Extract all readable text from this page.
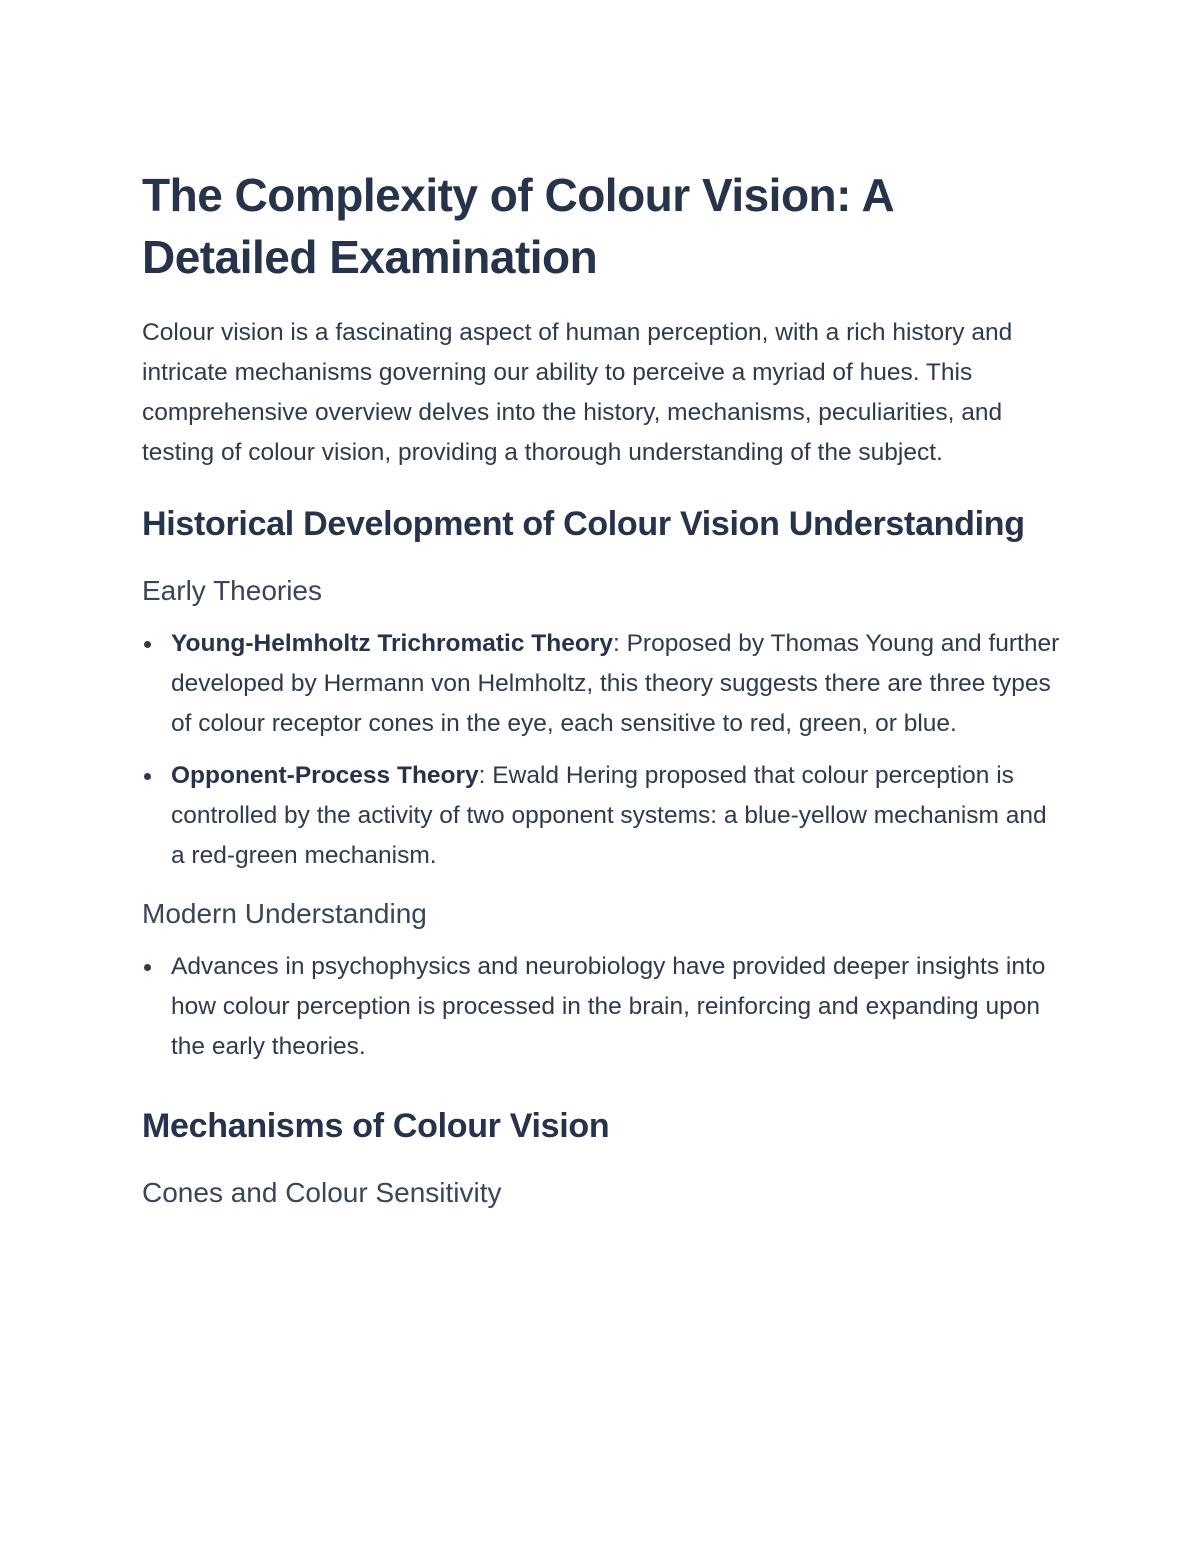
The Complexity of Colour Vision: A Detailed Examination

Colour vision is a fascinating aspect of human perception, with a rich history and intricate mechanisms governing our ability to perceive a myriad of hues. This comprehensive overview delves into the history, mechanisms, peculiarities, and testing of colour vision, providing a thorough understanding of the subject.

Historical Development of Colour Vision Understanding
Early Theories
Young-Helmholtz Trichromatic Theory: Proposed by Thomas Young and further developed by Hermann von Helmholtz, this theory suggests there are three types of colour receptor cones in the eye, each sensitive to red, green, or blue.
Opponent-Process Theory: Ewald Hering proposed that colour perception is controlled by the activity of two opponent systems: a blue-yellow mechanism and a red-green mechanism.
Modern Understanding
Advances in psychophysics and neurobiology have provided deeper insights into how colour perception is processed in the brain, reinforcing and expanding upon the early theories.
Mechanisms of Colour Vision
Cones and Colour Sensitivity
